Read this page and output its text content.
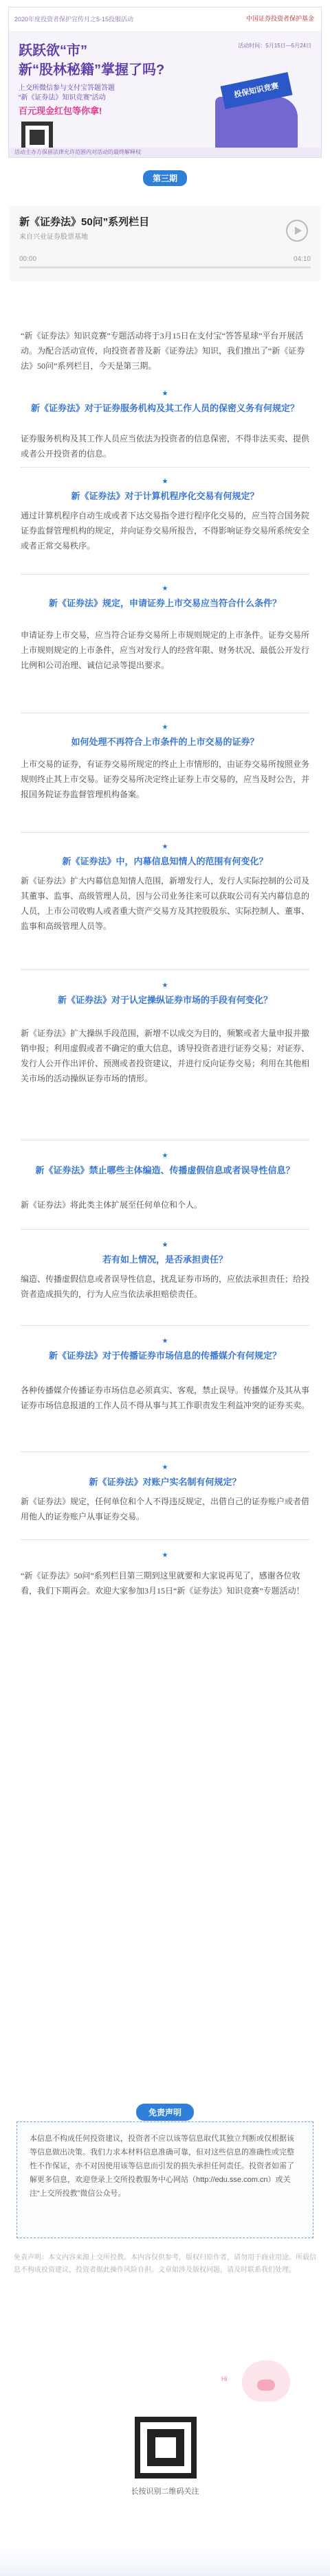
2020年度投资者保护宣传月之5·15投服活动	中国证券投资者保护基金
跃跃欲“市”
新“股林秘籍”掌握了吗?
活动时间：5月15日—5月24日
上交所微信参与支付宝答题答题
“新《证券法》知识竞赛”活动
百元现金红包等你拿!
投保知识竞赛
活动主办方保留法律允许范围内对活动的最终解释权
第三期
新《证券法》50问”系列栏目
来自兴业证券股票基地
00:00	04:10
“新《证券法》知识竞赛”专题活动将于3月15日在支付宝“答答星球”平台开展活动。为配合活动宣传，向投资者普及新《证券法》知识，我们推出了“新《证券法》50问”系列栏目，今天是第三期。
★
新《证券法》对于证券服务机构及其工作人员的保密义务有何规定？
证券服务机构及其工作人员应当依法为投资者的信息保密，不得非法买卖、提供或者公开投资者的信息。
★
新《证券法》对于计算机程序化交易有何规定？
通过计算机程序自动生成或者下达交易指令进行程序化交易的，应当符合国务院证券监督管理机构的规定，并向证券交易所报告，不得影响证券交易所系统安全或者正常交易秩序。
★
新《证券法》规定，申请证券上市交易应当符合什么条件？
申请证券上市交易，应当符合证券交易所上市规则规定的上市条件。证券交易所上市规则规定的上市条件，应当对发行人的经营年限、财务状况、最低公开发行比例和公司治理、诚信记录等提出要求。
★
如何处理不再符合上市条件的上市交易的证券？
上市交易的证券，有证券交易所规定的终止上市情形的，由证券交易所按照业务规则终止其上市交易。证券交易所决定终止证券上市交易的，应当及时公告，并报国务院证券监督管理机构备案。
★
新《证券法》中，内幕信息知情人的范围有何变化？
新《证券法》扩大内幕信息知情人范围，新增发行人，发行人实际控制的公司及其董事、监事、高级管理人员，因与公司业务往来可以获取公司有关内幕信息的人员，上市公司收购人或者重大资产交易方及其控股股东、实际控制人、董事、监事和高级管理人员等。
★
新《证券法》对于认定操纵证券市场的手段有何变化？
新《证券法》扩大操纵手段范围，新增不以成交为目的，频繁或者大量申报并撤销申报；利用虚假或者不确定的重大信息，诱导投资者进行证券交易；对证券、发行人公开作出评价、预测或者投资建议，并进行反向证券交易；利用在其他相关市场的活动操纵证券市场的情形。
★
新《证券法》禁止哪些主体编造、传播虚假信息或者误导性信息？
新《证券法》将此类主体扩展至任何单位和个人。
★
若有如上情况，是否承担责任？
编造、传播虚假信息或者误导性信息，扰乱证券市场的，应依法承担责任；给投资者造成损失的，行为人应当依法承担赔偿责任。
★
新《证券法》对于传播证券市场信息的传播媒介有何规定？
各种传播媒介传播证券市场信息必须真实、客观，禁止误导。传播媒介及其从事证券市场信息报道的工作人员不得从事与其工作职责发生利益冲突的证券买卖。
★
新《证券法》对账户实名制有何规定？
新《证券法》规定，任何单位和个人不得违反规定，出借自己的证券账户或者借用他人的证券账户从事证券交易。
★
“新《证券法》50问”系列栏目第三期到这里就要和大家说再见了，感谢各位收看，我们下期再会。欢迎大家参加3月15日“新《证券法》知识竞赛”专题活动！
免责声明
本信息不构成任何投资建议，投资者不应以该等信息取代其独立判断或仅根据该等信息做出决策。我们力求本材料信息准确可靠，但对这些信息的准确性或完整性不作保证，亦不对因使用该等信息而引发的损失承担任何责任。投资者如需了解更多信息，欢迎登录上交所投教服务中心网站（http://edu.sse.com.cn）或关注“上交所投教”微信公众号。
免责声明：本文内容来源上交所投教。本内容仅供参考，版权归原作者，请勿用于商业用途。所载信息不构成投资建议，投资者据此操作风险自担。文章如涉及版权问题，请及时联系我们处理。
Hi
长按识别二维码关注
